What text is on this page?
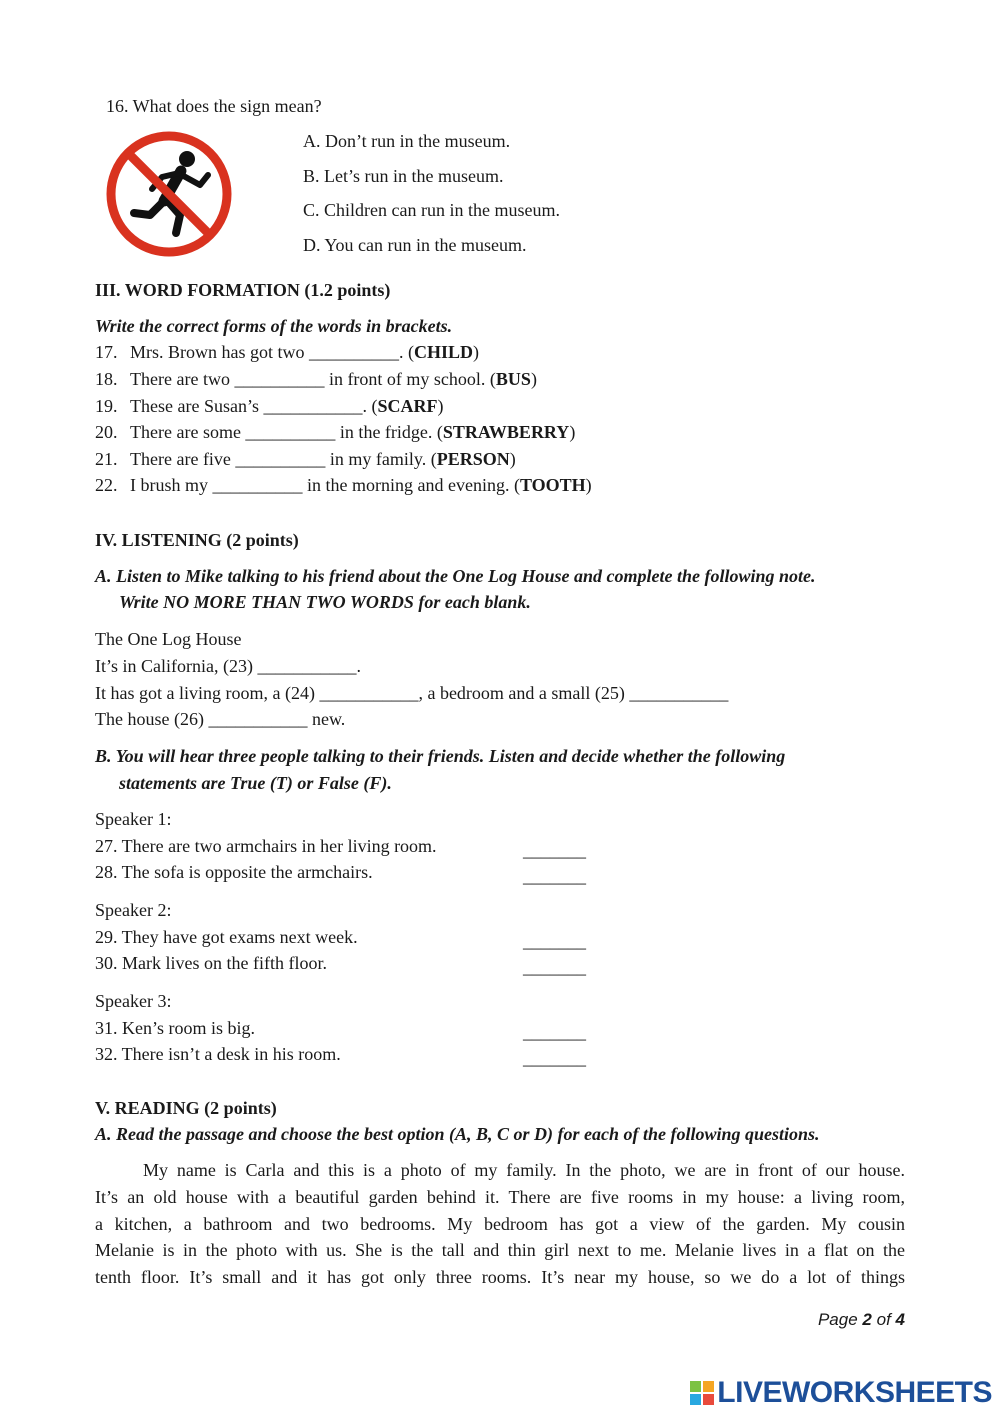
16. What does the sign mean?
A. Don’t run in the museum.
B. Let’s run in the museum.
C. Children can run in the museum.
D. You can run in the museum.
III. WORD FORMATION (1.2 points)
Write the correct forms of the words in brackets.
17. Mrs. Brown has got two __________. (CHILD)
18. There are two __________ in front of my school. (BUS)
19. These are Susan’s ___________. (SCARF)
20. There are some __________ in the fridge. (STRAWBERRY)
21. There are five __________ in my family. (PERSON)
22. I brush my __________ in the morning and evening. (TOOTH)
IV. LISTENING (2 points)
A. Listen to Mike talking to his friend about the One Log House and complete the following note.
Write NO MORE THAN TWO WORDS for each blank.
The One Log House
It’s in California, (23) ___________.
It has got a living room, a (24) ___________, a bedroom and a small (25) ___________
The house (26) ___________ new.
B. You will hear three people talking to their friends. Listen and decide whether the following
statements are True (T) or False (F).
Speaker 1:
27. There are two armchairs in her living room.	_______
28. The sofa is opposite the armchairs.	_______
Speaker 2:
29. They have got exams next week.	_______
30. Mark lives on the fifth floor.	_______
Speaker 3:
31. Ken’s room is big.	_______
32. There isn’t a desk in his room.	_______
V. READING (2 points)
A. Read the passage and choose the best option (A, B, C or D) for each of the following questions.
My name is Carla and this is a photo of my family. In the photo, we are in front of our house.
It’s an old house with a beautiful garden behind it. There are five rooms in my house: a living room,
a kitchen, a bathroom and two bedrooms. My bedroom has got a view of the garden. My cousin
Melanie is in the photo with us. She is the tall and thin girl next to me. Melanie lives in a flat on the
tenth floor. It’s small and it has got only three rooms. It’s near my house, so we do a lot of things
Page 2 of 4
LIVEWORKSHEETS
